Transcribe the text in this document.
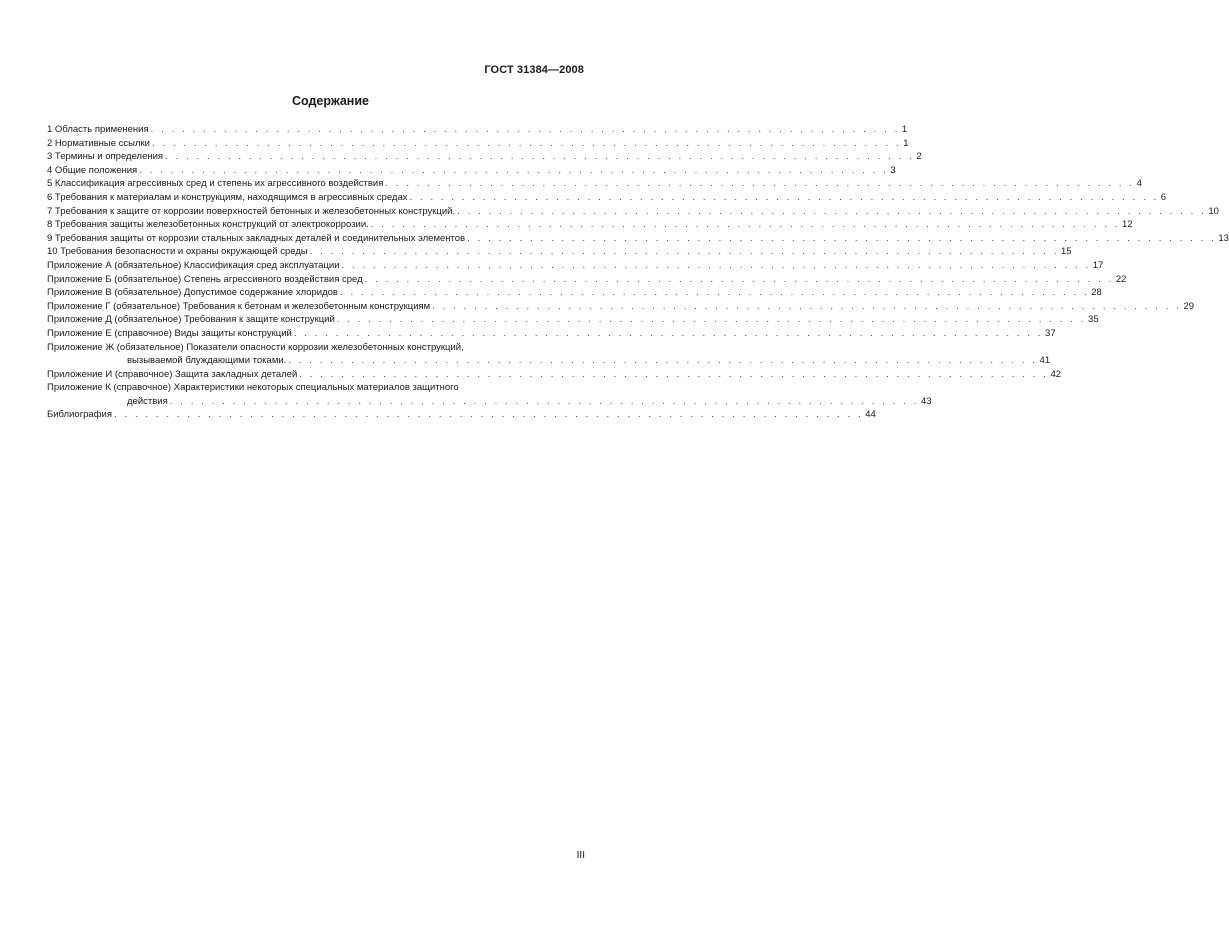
ГОСТ 31384—2008
Содержание
1 Область применения . . . . . . . . . . . . . . . . . . . . . . . . . . . . . . . . . . . . . . . . . . . . . . . . . . . . . . . . . . . . . . . . . . . . . . . . 1
2 Нормативные ссылки . . . . . . . . . . . . . . . . . . . . . . . . . . . . . . . . . . . . . . . . . . . . . . . . . . . . . . . . . . . . . . . . . . . . . . . . 1
3 Термины и определения . . . . . . . . . . . . . . . . . . . . . . . . . . . . . . . . . . . . . . . . . . . . . . . . . . . . . . . . . . . . . . . . . . . . . . . . 2
4 Общие положения . . . . . . . . . . . . . . . . . . . . . . . . . . . . . . . . . . . . . . . . . . . . . . . . . . . . . . . . . . . . . . . . . . . . . . . . 3
5 Классификация агрессивных сред и степень их агрессивного воздействия . . . . . . . . . . . . . . . . . . . . . . . . . . . . . . . . . . . . . . . . . . . . . . . . . . . . . . . . . . . . . . . . . . . . . . . . 4
6 Требования к материалам и конструкциям, находящимся в агрессивных средах . . . . . . . . . . . . . . . . . . . . . . . . . . . . . . . . . . . . . . . . . . . . . . . . . . . . . . . . . . . . . . . . . . . . . . . . 6
7 Требования к защите от коррозии поверхностей бетонных и железобетонных конструкций. . . . . . . . . . . . . . . . . . . . . . . . . . . . . . . . . . . . . . . . . . . . . . . . . . . . . . . . . . . . . . . . . . . . . . . . . 10
8 Требования защиты железобетонных конструкций от электрокоррозии. . . . . . . . . . . . . . . . . . . . . . . . . . . . . . . . . . . . . . . . . . . . . . . . . . . . . . . . . . . . . . . . . . . . . . . . . 12
9 Требования защиты от коррозии стальных закладных деталей и соединительных элементов . . . . . . . . . . . . . . . . . . . . . . . . . . . . . . . . . . . . . . . . . . . . . . . . . . . . . . . . . . . . . . . . . . . . . . . . 13
10 Требования безопасности и охраны окружающей среды . . . . . . . . . . . . . . . . . . . . . . . . . . . . . . . . . . . . . . . . . . . . . . . . . . . . . . . . . . . . . . . . . . . . . . . . 15
Приложение А (обязательное) Классификация сред эксплуатации . . . . . . . . . . . . . . . . . . . . . . . . . . . . . . . . . . . . . . . . . . . . . . . . . . . . . . . . . . . . . . . . . . . . . . . . 17
Приложение Б (обязательное) Степень агрессивного воздействия сред . . . . . . . . . . . . . . . . . . . . . . . . . . . . . . . . . . . . . . . . . . . . . . . . . . . . . . . . . . . . . . . . . . . . . . . . 22
Приложение В (обязательное) Допустимое содержание хлоридов . . . . . . . . . . . . . . . . . . . . . . . . . . . . . . . . . . . . . . . . . . . . . . . . . . . . . . . . . . . . . . . . . . . . . . . . 28
Приложение Г (обязательное) Требования к бетонам и железобетонным конструкциям . . . . . . . . . . . . . . . . . . . . . . . . . . . . . . . . . . . . . . . . . . . . . . . . . . . . . . . . . . . . . . . . . . . . . . . . 29
Приложение Д (обязательное) Требования к защите конструкций . . . . . . . . . . . . . . . . . . . . . . . . . . . . . . . . . . . . . . . . . . . . . . . . . . . . . . . . . . . . . . . . . . . . . . . . 35
Приложение Е (справочное) Виды защиты конструкций . . . . . . . . . . . . . . . . . . . . . . . . . . . . . . . . . . . . . . . . . . . . . . . . . . . . . . . . . . . . . . . . . . . . . . . . 37
Приложение Ж (обязательное) Показатели опасности коррозии железобетонных конструкций,
вызываемой блуждающими токами. . . . . . . . . . . . . . . . . . . . . . . . . . . . . . . . . . . . . . . . . . . . . . . . . . . . . . . . . . . . . . . . . . . . . . . . . 41
Приложение И (справочное) Защита закладных деталей . . . . . . . . . . . . . . . . . . . . . . . . . . . . . . . . . . . . . . . . . . . . . . . . . . . . . . . . . . . . . . . . . . . . . . . . 42
Приложение К (справочное) Характеристики некоторых специальных материалов защитного
действия . . . . . . . . . . . . . . . . . . . . . . . . . . . . . . . . . . . . . . . . . . . . . . . . . . . . . . . . . . . . . . . . . . . . . . . . 43
Библиография . . . . . . . . . . . . . . . . . . . . . . . . . . . . . . . . . . . . . . . . . . . . . . . . . . . . . . . . . . . . . . . . . . . . . . . . 44
III
